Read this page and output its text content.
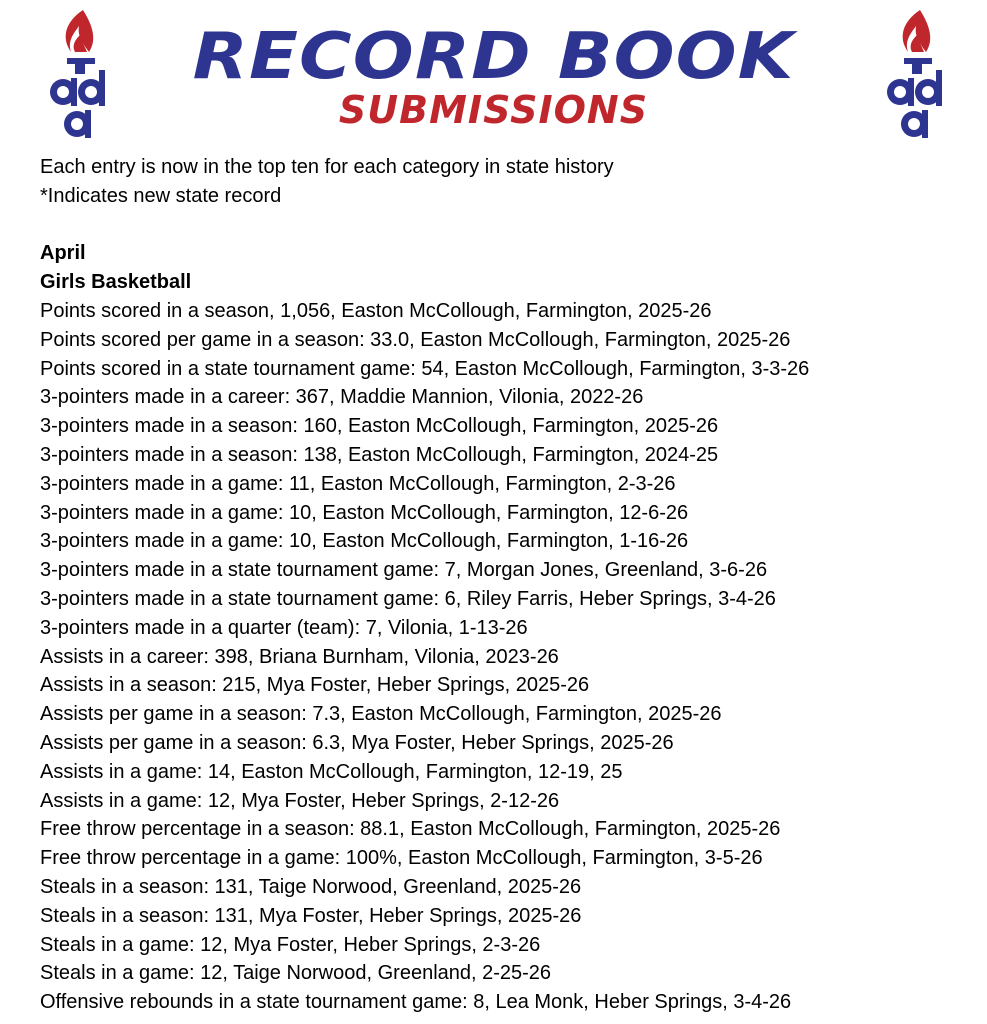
RECORD BOOK
SUBMISSIONS
Each entry is now in the top ten for each category in state history
*Indicates new state record
April
Girls Basketball
Points scored in a season, 1,056, Easton McCollough, Farmington, 2025-26
Points scored per game in a season: 33.0, Easton McCollough, Farmington, 2025-26
Points scored in a state tournament game: 54, Easton McCollough, Farmington, 3-3-26
3-pointers made in a career: 367, Maddie Mannion, Vilonia, 2022-26
3-pointers made in a season: 160, Easton McCollough, Farmington, 2025-26
3-pointers made in a season: 138, Easton McCollough, Farmington, 2024-25
3-pointers made in a game: 11, Easton McCollough, Farmington, 2-3-26
3-pointers made in a game: 10, Easton McCollough, Farmington, 12-6-26
3-pointers made in a game: 10, Easton McCollough, Farmington, 1-16-26
3-pointers made in a state tournament game: 7, Morgan Jones, Greenland, 3-6-26
3-pointers made in a state tournament game: 6, Riley Farris, Heber Springs, 3-4-26
3-pointers made in a quarter (team): 7, Vilonia, 1-13-26
Assists in a career: 398, Briana Burnham, Vilonia, 2023-26
Assists in a season: 215, Mya Foster, Heber Springs, 2025-26
Assists per game in a season: 7.3, Easton McCollough, Farmington, 2025-26
Assists per game in a season: 6.3, Mya Foster, Heber Springs, 2025-26
Assists in a game: 14, Easton McCollough, Farmington, 12-19, 25
Assists in a game: 12, Mya Foster, Heber Springs, 2-12-26
Free throw percentage in a season: 88.1, Easton McCollough, Farmington, 2025-26
Free throw percentage in a game: 100%, Easton McCollough, Farmington, 3-5-26
Steals in a season: 131, Taige Norwood, Greenland, 2025-26
Steals in a season: 131, Mya Foster, Heber Springs, 2025-26
Steals in a game: 12, Mya Foster, Heber Springs, 2-3-26
Steals in a game: 12, Taige Norwood, Greenland, 2-25-26
Offensive rebounds in a state tournament game: 8, Lea Monk, Heber Springs, 3-4-26
